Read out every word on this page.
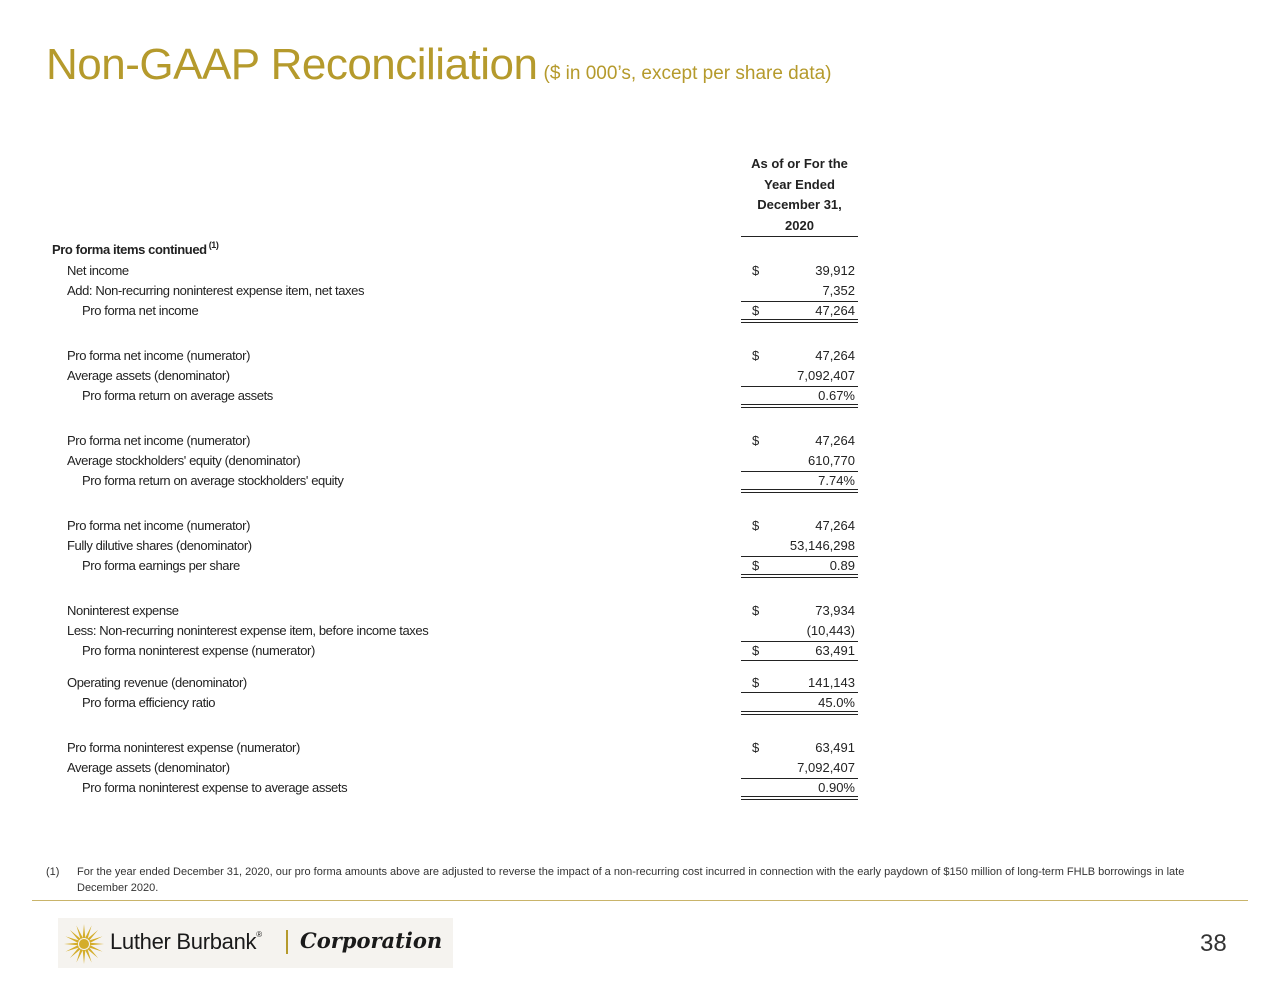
Non-GAAP Reconciliation ($ in 000’s, except per share data)
As of or For the
Year Ended
December 31,
2020
Pro forma items continued $^{(1)}$
Net income	$	39,912
Add: Non-recurring noninterest expense item, net taxes	7,352
Pro forma net income	$	47,264
Pro forma net income (numerator)	$	47,264
Average assets (denominator)	7,092,407
Pro forma return on average assets	0.67%
Pro forma net income (numerator)	$	47,264
Average stockholders' equity (denominator)	610,770
Pro forma return on average stockholders' equity	7.74%
Pro forma net income (numerator)	$	47,264
Fully dilutive shares (denominator)	53,146,298
Pro forma earnings per share	$	0.89
Noninterest expense	$	73,934
Less: Non-recurring noninterest expense item, before income taxes	(10,443)
Pro forma noninterest expense (numerator)	$	63,491
Operating revenue (denominator)	$	141,143
Pro forma efficiency ratio	45.0%
Pro forma noninterest expense (numerator)	$	63,491
Average assets (denominator)	7,092,407
Pro forma noninterest expense to average assets	0.90%
(1) For the year ended December 31, 2020, our pro forma amounts above are adjusted to reverse the impact of a non-recurring cost incurred in connection with the early paydown of $150 million of long-term FHLB borrowings in late December 2020.
Luther Burbank® Corporation	38
